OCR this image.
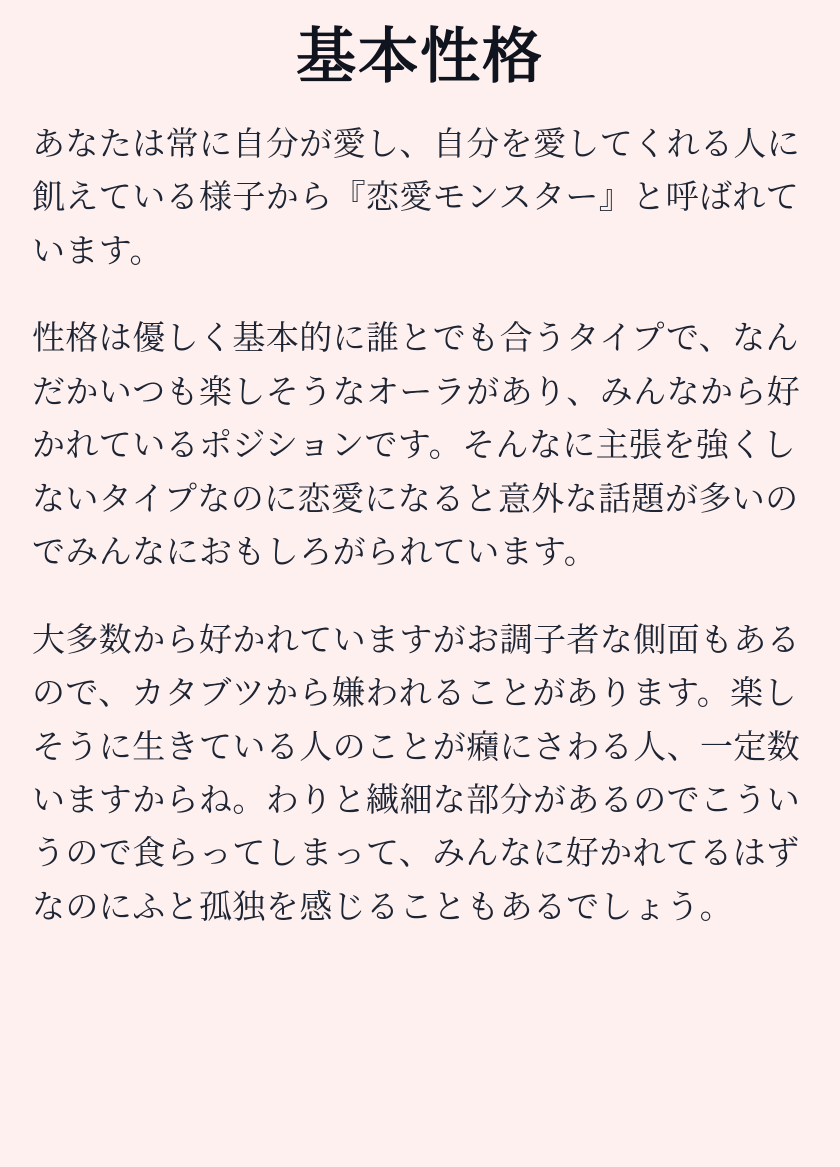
基本性格

あなたは常に自分が愛し、自分を愛してくれる人に飢えている様子から『恋愛モンスター』と呼ばれています。

性格は優しく基本的に誰とでも合うタイプで、なんだかいつも楽しそうなオーラがあり、みんなから好かれているポジションです。そんなに主張を強くしないタイプなのに恋愛になると意外な話題が多いのでみんなにおもしろがられています。

大多数から好かれていますがお調子者な側面もあるので、カタブツから嫌われることがあります。楽しそうに生きている人のことが癪にさわる人、一定数いますからね。わりと繊細な部分があるのでこういうので食らってしまって、みんなに好かれてるはずなのにふと孤独を感じることもあるでしょう。
